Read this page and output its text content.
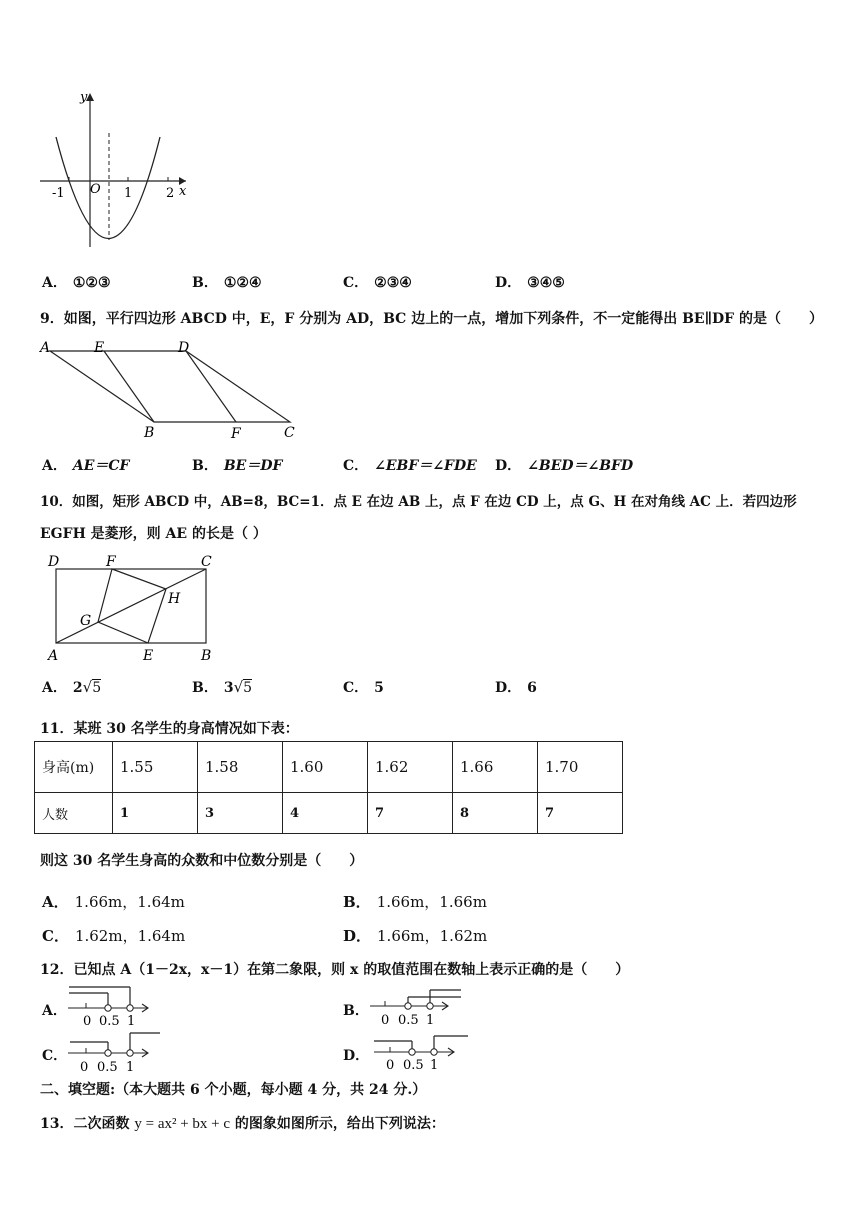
y
x
O
-1	1	2
A． ①②③	B． ①②④	C． ②③④	D． ③④⑤
9．如图，平行四边形 ABCD 中，E，F 分别为 AD，BC 边上的一点，增加下列条件，不一定能得出 BE∥DF 的是（　　）
A	E	D
B	F	C
A． AE＝CF	B． BE＝DF	C． ∠EBF＝∠FDE D． ∠BED＝∠BFD
10．如图，矩形 ABCD 中，AB=8，BC=1．点 E 在边 AB 上，点 F 在边 CD 上，点 G、H 在对角线 AC 上．若四边形
EGFH 是菱形，则 AE 的长是（ ）
D	F	C
G
H
A	E	B
A． 2√5	B． 3√5	C． 5	D． 6
11．某班 30 名学生的身高情况如下表：
身高(m)	1.55	1.58	1.60	1.62	1.66	1.70
人数	1	3	4	7	8	7
则这 30 名学生身高的众数和中位数分别是（　　）
A． 1.66m，1.64m	B． 1.66m，1.66m
C． 1.62m，1.64m	D． 1.66m，1.62m
12．已知点 A（1－2x，x－1）在第二象限，则 x 的取值范围在数轴上表示正确的是（　　）
A．
0 0.5 1
B．
0 0.5 1
C．
0 0.5 1
D．
0 0.5 1
二、填空题:（本大题共 6 个小题，每小题 4 分，共 24 分.）
13．二次函数 y = ax² + bx + c 的图象如图所示，给出下列说法：
